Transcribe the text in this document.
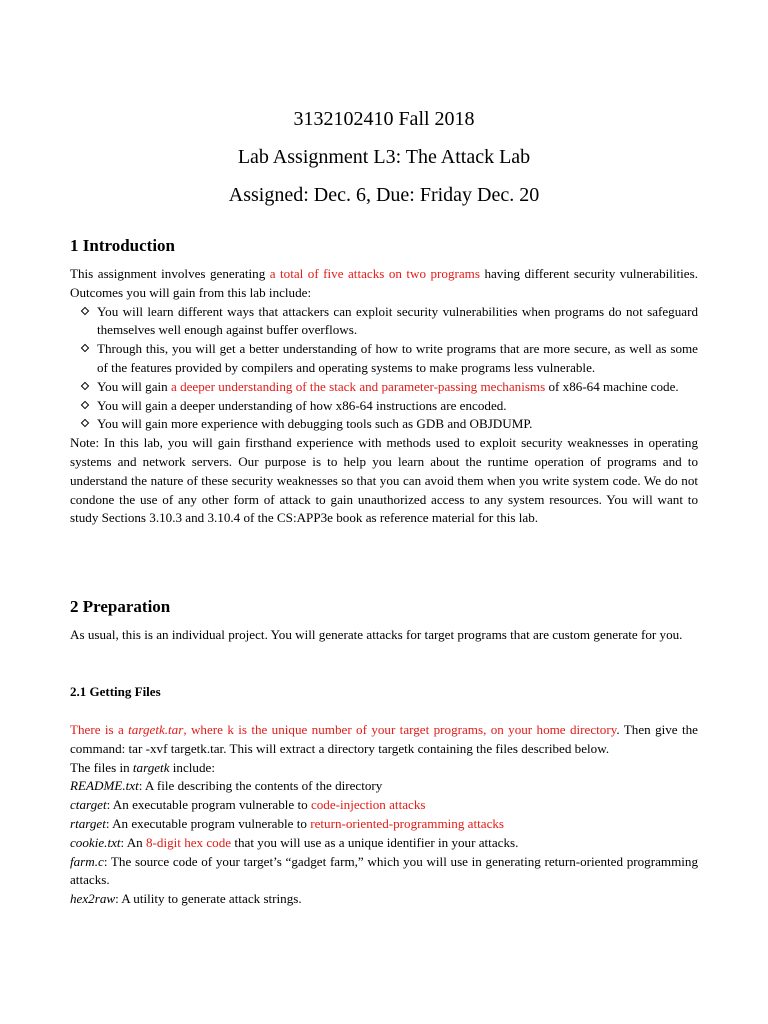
3132102410 Fall 2018
Lab Assignment L3: The Attack Lab
Assigned: Dec. 6, Due: Friday Dec. 20
1 Introduction

This assignment involves generating a total of five attacks on two programs having different security vulnerabilities. Outcomes you will gain from this lab include:

You will learn different ways that attackers can exploit security vulnerabilities when programs do not safeguard themselves well enough against buffer overflows.
Through this, you will get a better understanding of how to write programs that are more secure, as well as some of the features provided by compilers and operating systems to make programs less vulnerable.
You will gain a deeper understanding of the stack and parameter-passing mechanisms of x86-64 machine code.
You will gain a deeper understanding of how x86-64 instructions are encoded.
You will gain more experience with debugging tools such as GDB and OBJDUMP.

Note: In this lab, you will gain firsthand experience with methods used to exploit security weaknesses in operating systems and network servers. Our purpose is to help you learn about the runtime operation of programs and to understand the nature of these security weaknesses so that you can avoid them when you write system code. We do not condone the use of any other form of attack to gain unauthorized access to any system resources. You will want to study Sections 3.10.3 and 3.10.4 of the CS:APP3e book as reference material for this lab.

2 Preparation

As usual, this is an individual project. You will generate attacks for target programs that are custom generate for you.

2.1 Getting Files

There is a targetk.tar, where k is the unique number of your target programs, on your home directory. Then give the command: tar -xvf targetk.tar. This will extract a directory targetk containing the files described below.

The files in targetk include:

README.txt: A file describing the contents of the directory

ctarget: An executable program vulnerable to code-injection attacks

rtarget: An executable program vulnerable to return-oriented-programming attacks

cookie.txt: An 8-digit hex code that you will use as a unique identifier in your attacks.

farm.c: The source code of your target’s “gadget farm,” which you will use in generating return-oriented programming attacks.

hex2raw: A utility to generate attack strings.
